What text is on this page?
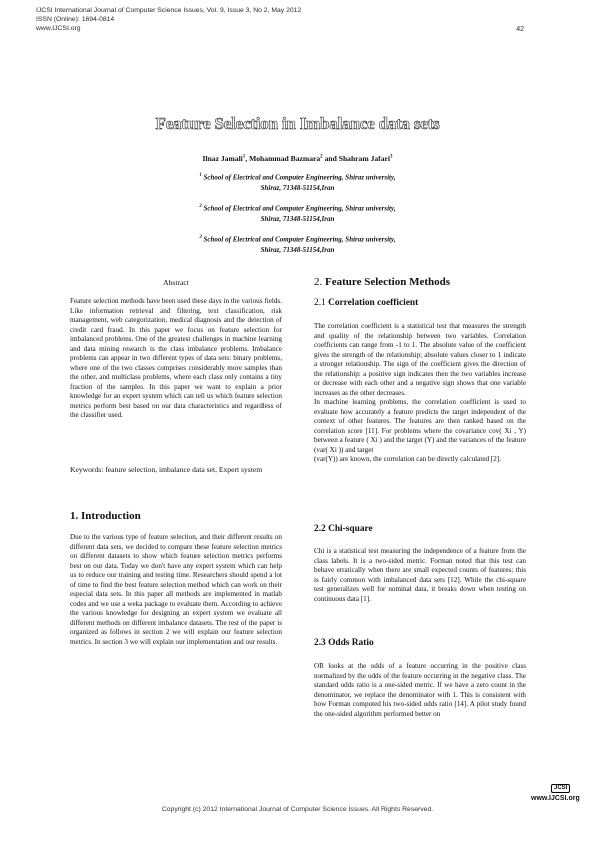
IJCSI International Journal of Computer Science Issues, Vol. 9, Issue 3, No 2, May 2012
ISSN (Online): 1694-0814
www.IJCSI.org	42
Feature Selection in Imbalance data sets
Ilnaz Jamali$^1$, Mohammad Bazmara$^2$ and Shahram Jafari$^3$
$^1$ School of Electrical and Computer Engineering, Shiraz university,
Shiraz, 71348-51154,Iran
$^2$ School of Electrical and Computer Engineering, Shiraz university,
Shiraz, 71348-51154,Iran
$^3$ School of Electrical and Computer Engineering, Shiraz university,
Shiraz, 71348-51154,Iran
Abstract

Feature selection methods have been used these days in the various fields. Like information retrieval and filtering, text classification, risk management, web categorization, medical diagnosis and the detection of credit card fraud. In this paper we focus on feature selection for imbalanced problems. One of the greatest challenges in machine learning and data mining research is the class imbalance problems. Imbalance problems can appear in two different types of data sets: binary problems, where one of the two classes comprises considerably more samples than the other, and multiclass problems, where each class only contains a tiny fraction of the samples. In this paper we want to explain a prior knowledge for an expert system which can tell us which feature selection metrics perform best based on our data characteristics and regardless of the classifier used.

Keywords: feature selection, imbalance data set, Expert system
1. Introduction

Due to the various type of feature selection, and their different results on different data sets, we decided to compare these feature selection metrics on different datasets to show which feature selection metrics performs best on our data. Today we don't have any expert system which can help us to reduce our training and testing time. Researchers should spend a lot of time to find the best feature selection method which can work on their especial data sets. In this paper all methods are implemented in matlab codes and we use a weka package to evaluate them. According to achieve the various knowledge for designing an expert system we evaluate all different methods on different imbalance datasets. The rest of the paper is organized as follows in section 2 we will explain our feature selection metrics. In section 3 we will explain our implementation and our results.

2. Feature Selection Methods
2.1 Correlation coefficient

The correlation coefficient is a statistical test that measures the strength and quality of the relationship between two variables. Correlation coefficients can range from -1 to 1. The absolute value of the coefficient gives the strength of the relationship; absolute values closer to 1 indicate a stronger relationship. The sign of the coefficient gives the direction of the relationship: a positive sign indicates then the two variables increase or decrease with each other and a negative sign shows that one variable increases as the other decreases.

In machine learning problems, the correlation coefficient is used to evaluate how accurately a feature predicts the target independent of the context of other features. The features are then ranked based on the correlation score [11]. For problems where the covariance cov( Xi , Y) between a feature ( Xi ) and the target (Y) and the variances of the feature (var( Xi )) and target

(var(Y)) are known, the correlation can be directly calculated [2].

2.2 Chi-square

Chi is a statistical test measuring the independence of a feature from the class labels. It is a two-sided metric. Forman noted that this test can behave erratically when there are small expected counts of features; this is fairly common with imbalanced data sets [12]. While the chi-square test generalizes well for nominal data, it breaks down when testing on continuous data [1].

2.3 Odds Ratio

OR looks at the odds of a feature occurring in the positive class normalized by the odds of the feature occurring in the negative class. The standard odds ratio is a one-sided metric. If we have a zero count in the denominator, we replace the denominator with 1. This is consistent with how Forman computed his two-sided odds ratio [14]. A pilot study found the one-sided algorithm performed better on

JCSI
www.IJCSI.org
Copyright (c) 2012 International Journal of Computer Science Issues. All Rights Reserved.
